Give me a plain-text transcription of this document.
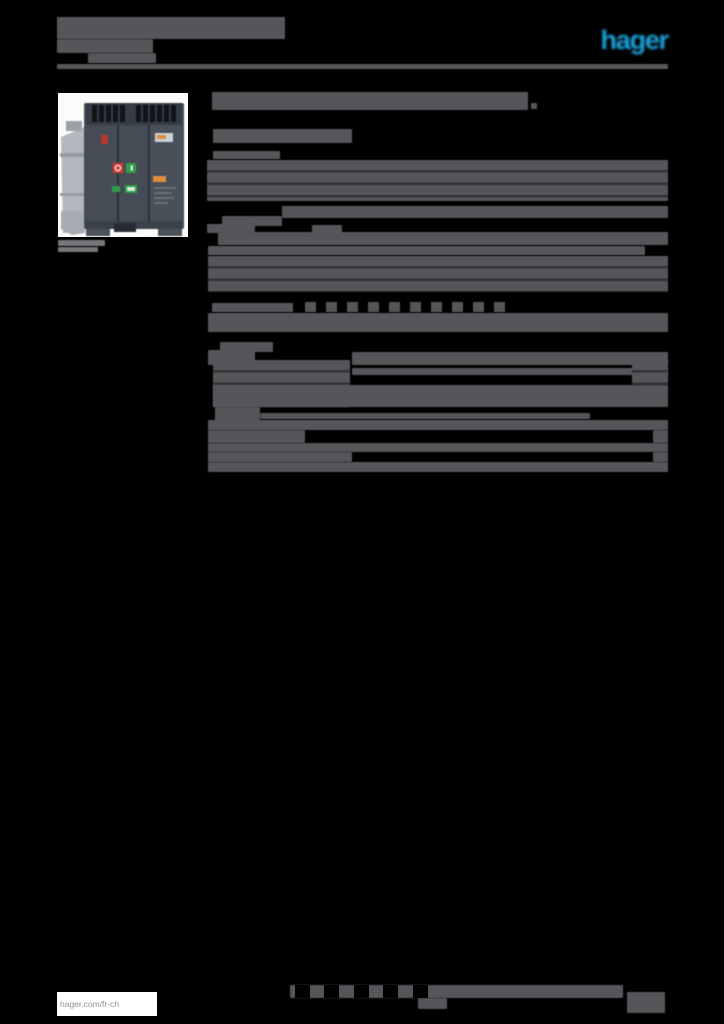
hager
hager.com/fr-ch
